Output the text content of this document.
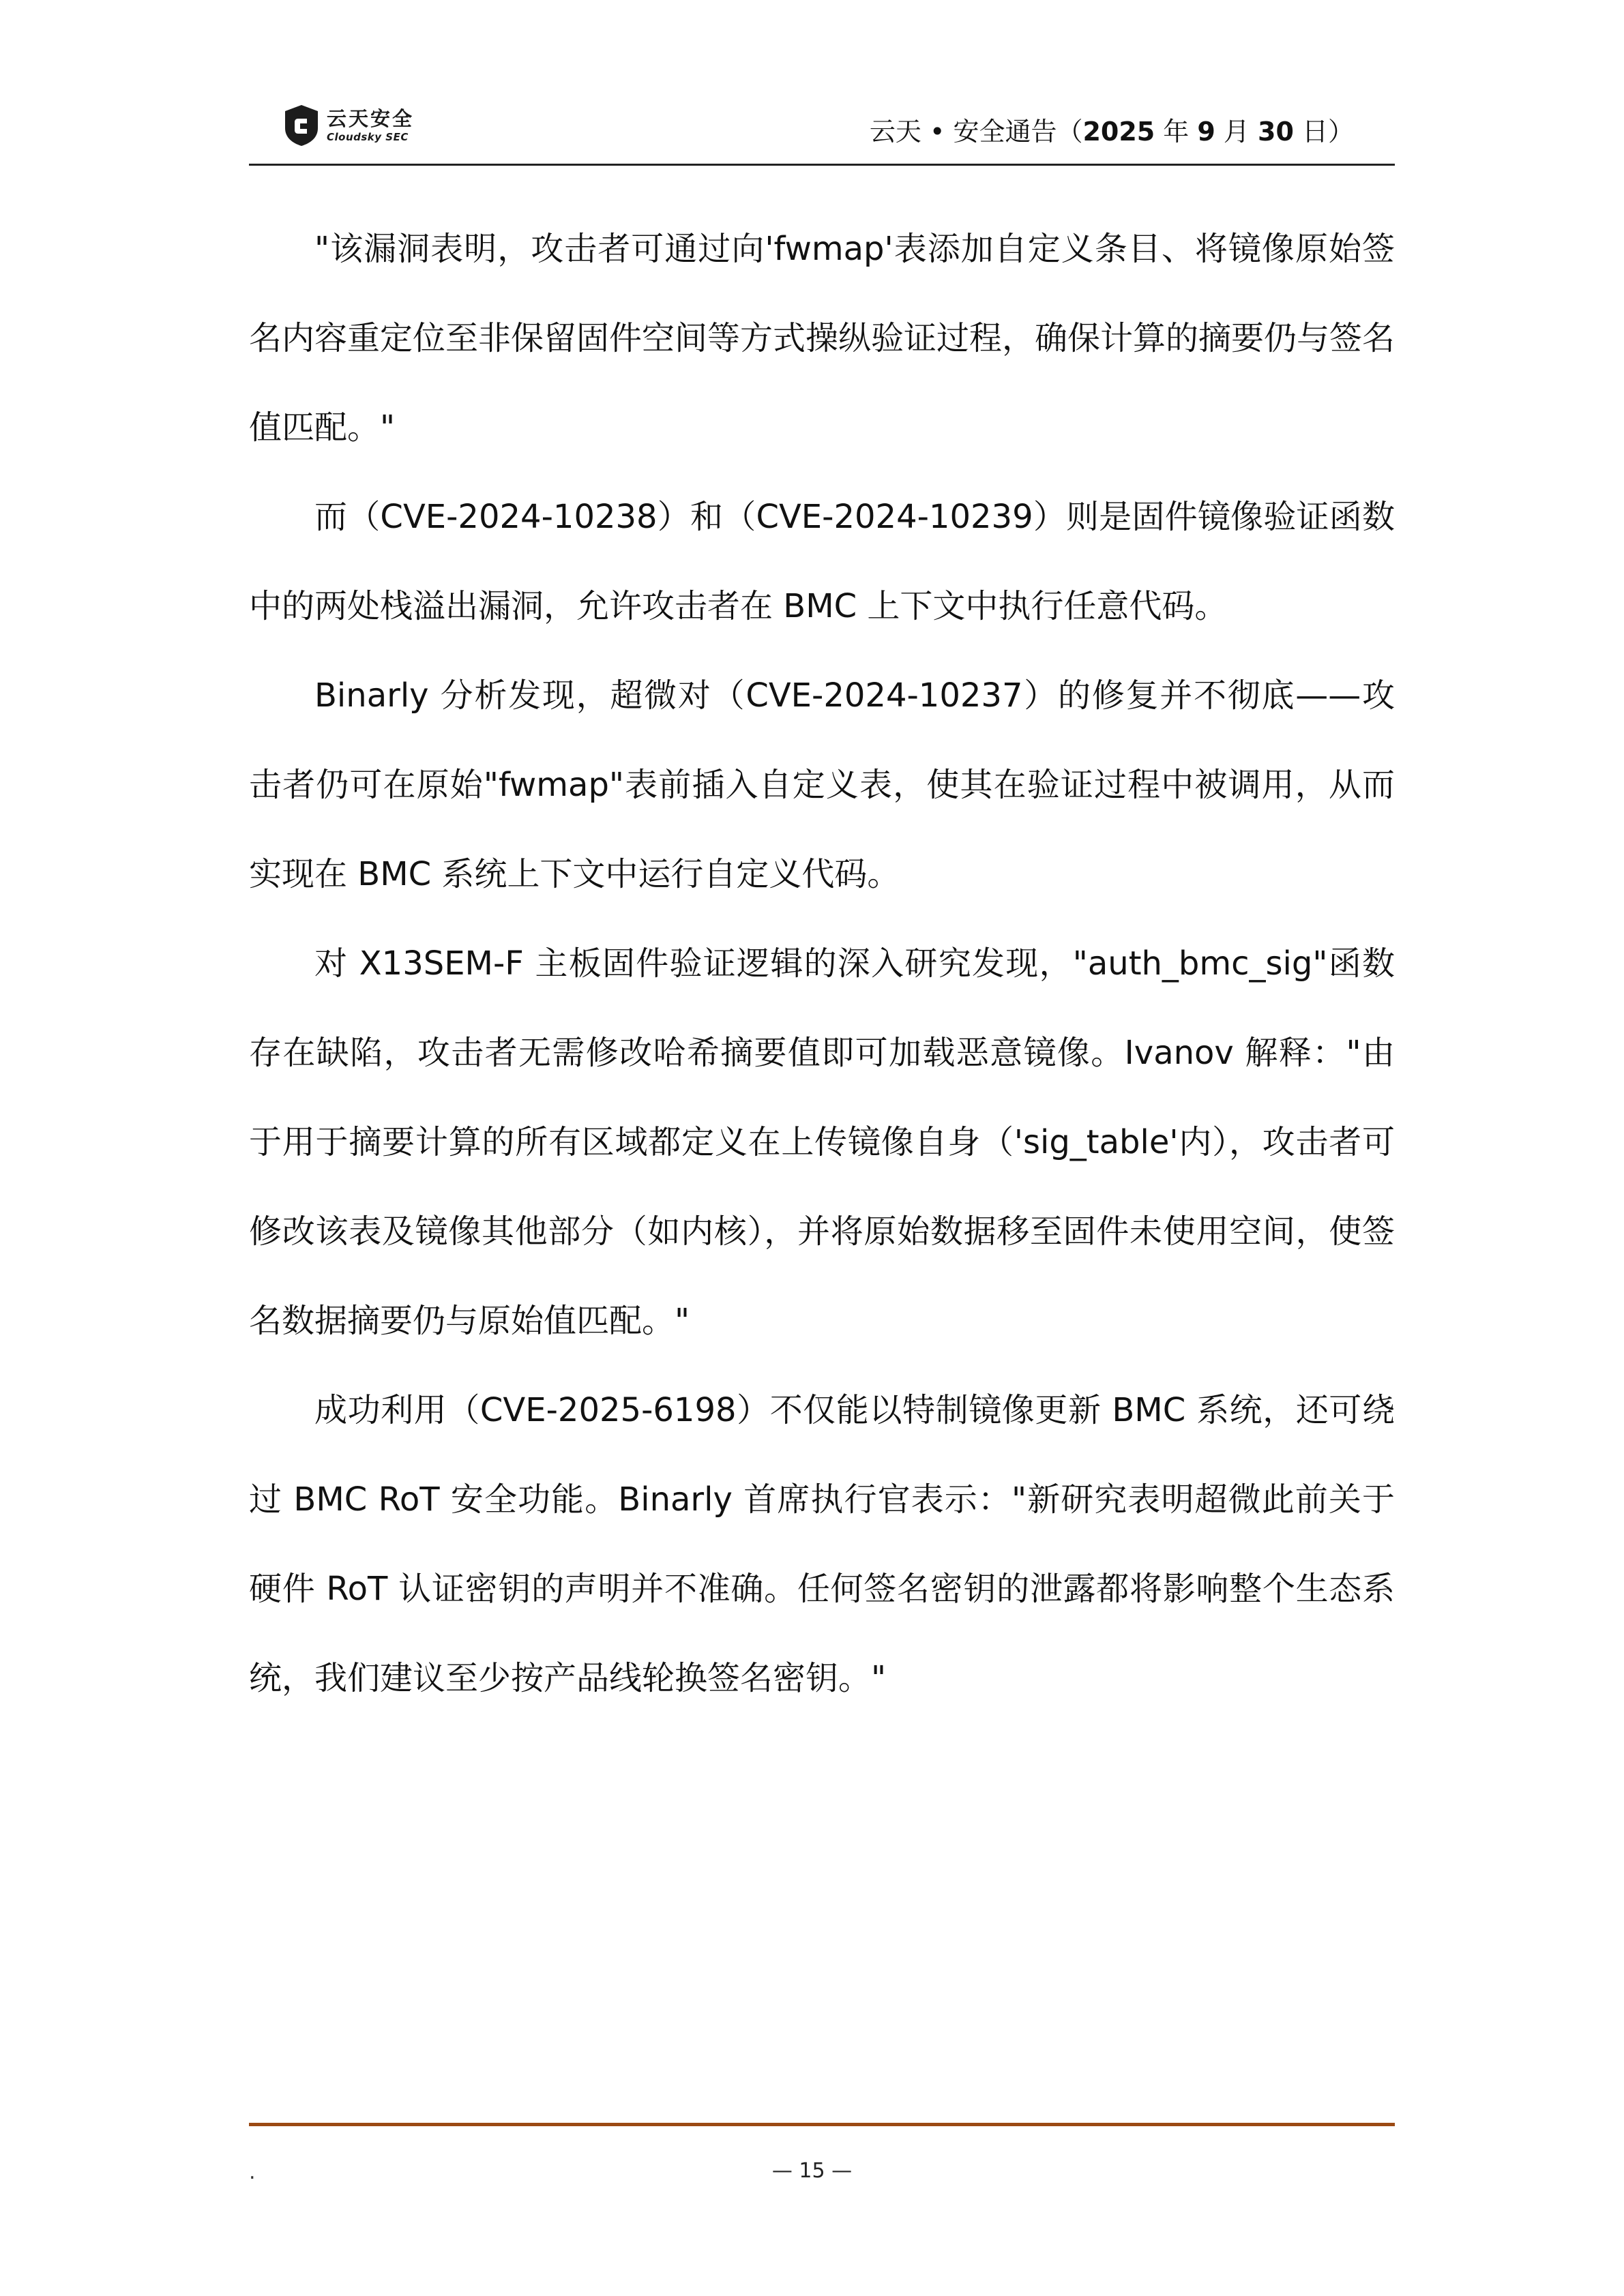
云天安全
Cloudsky SEC	云天 • 安全通告（2025 年 9 月 30 日）

"该漏洞表明，攻击者可通过向'fwmap'表添加自定义条目、将镜像原始签名内容重定位至非保留固件空间等方式操纵验证过程，确保计算的摘要仍与签名值匹配。"

而（CVE-2024-10238）和（CVE-2024-10239）则是固件镜像验证函数中的两处栈溢出漏洞，允许攻击者在 BMC 上下文中执行任意代码。

Binarly 分析发现，超微对（CVE-2024-10237）的修复并不彻底——攻击者仍可在原始"fwmap"表前插入自定义表，使其在验证过程中被调用，从而实现在 BMC 系统上下文中运行自定义代码。

对 X13SEM-F 主板固件验证逻辑的深入研究发现，"auth_bmc_sig"函数存在缺陷，攻击者无需修改哈希摘要值即可加载恶意镜像。Ivanov 解释："由于用于摘要计算的所有区域都定义在上传镜像自身（'sig_table'内），攻击者可修改该表及镜像其他部分（如内核），并将原始数据移至固件未使用空间，使签名数据摘要仍与原始值匹配。"

成功利用（CVE-2025-6198）不仅能以特制镜像更新 BMC 系统，还可绕过 BMC RoT 安全功能。Binarly 首席执行官表示："新研究表明超微此前关于硬件 RoT 认证密钥的声明并不准确。任何签名密钥的泄露都将影响整个生态系统，我们建议至少按产品线轮换签名密钥。"

.	— 15 —
